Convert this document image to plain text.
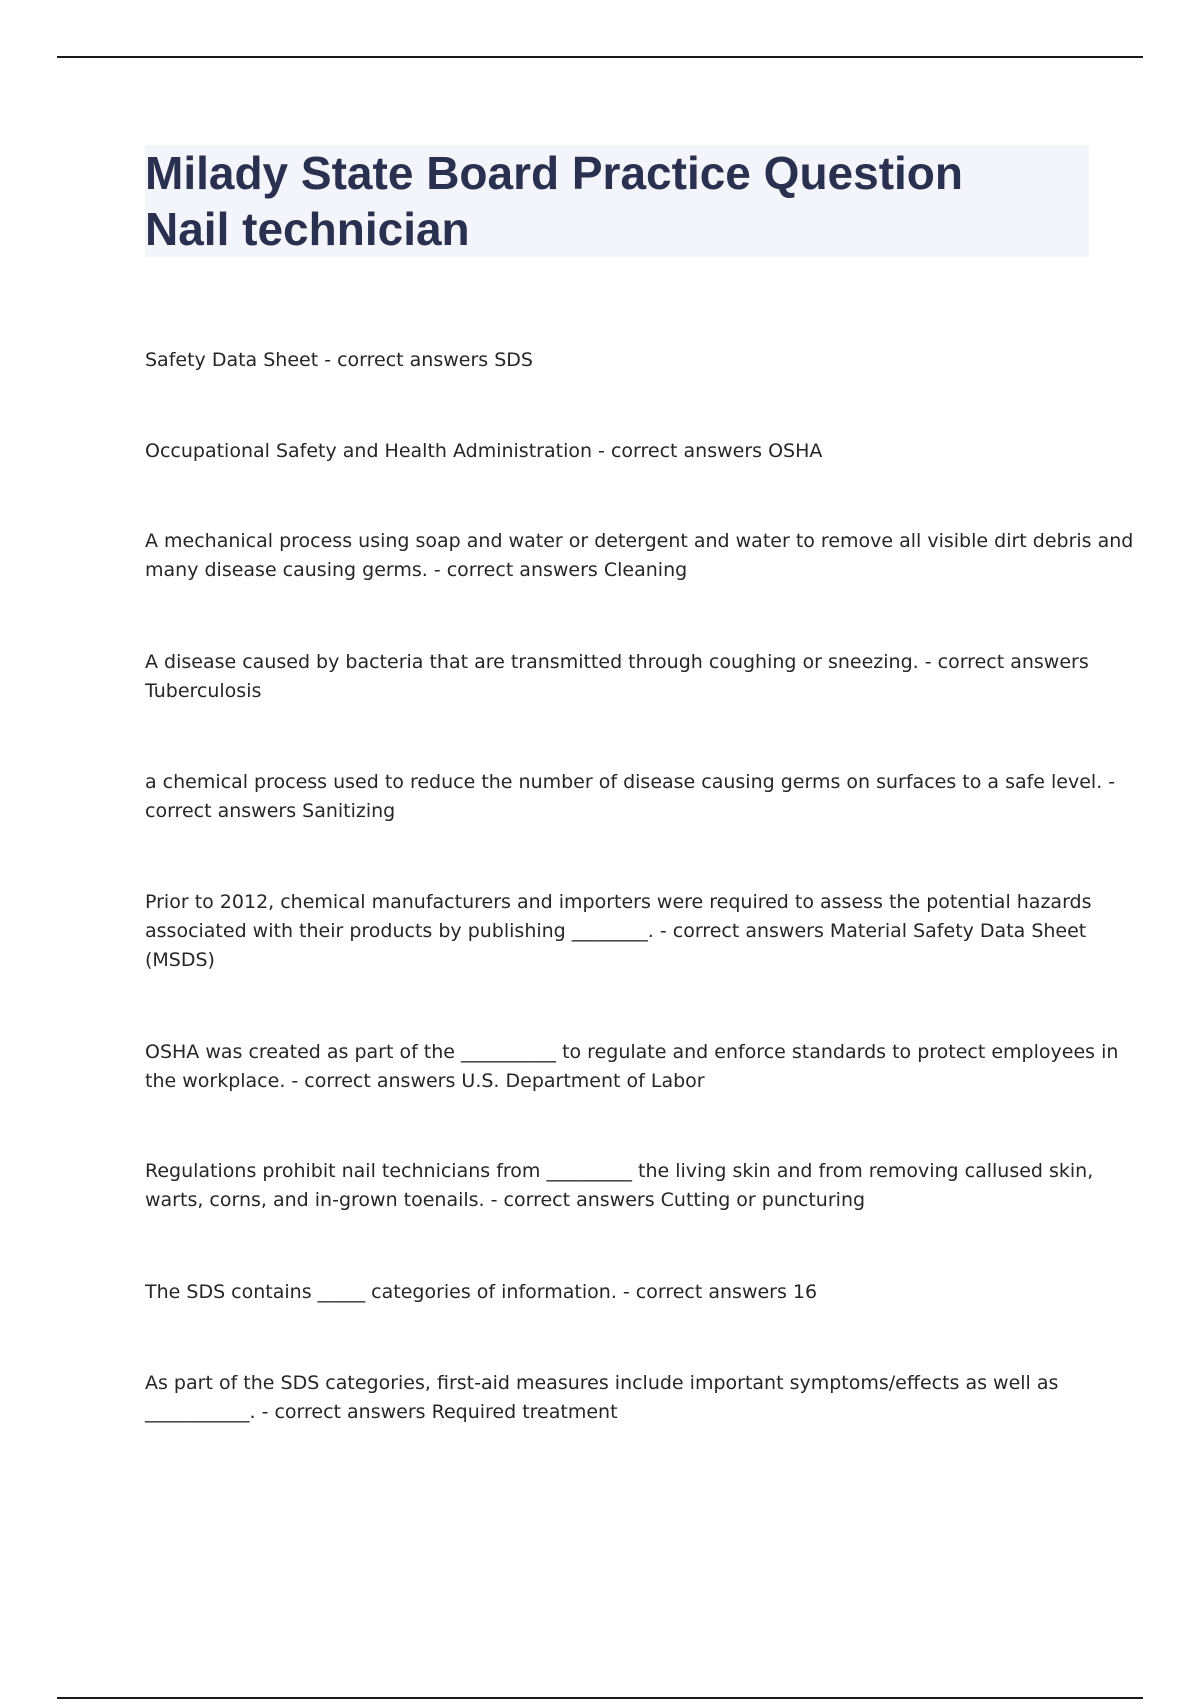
Milady State Board Practice Question
Nail technician
Safety Data Sheet - correct answers SDS
Occupational Safety and Health Administration - correct answers OSHA
A mechanical process using soap and water or detergent and water to remove all visible dirt debris and
many disease causing germs. - correct answers Cleaning
A disease caused by bacteria that are transmitted through coughing or sneezing. - correct answers
Tuberculosis
a chemical process used to reduce the number of disease causing germs on surfaces to a safe level. -
correct answers Sanitizing
Prior to 2012, chemical manufacturers and importers were required to assess the potential hazards
associated with their products by publishing ________. - correct answers Material Safety Data Sheet
(MSDS)
OSHA was created as part of the __________ to regulate and enforce standards to protect employees in
the workplace. - correct answers U.S. Department of Labor
Regulations prohibit nail technicians from _________ the living skin and from removing callused skin,
warts, corns, and in-grown toenails. - correct answers Cutting or puncturing
The SDS contains _____ categories of information. - correct answers 16
As part of the SDS categories, first-aid measures include important symptoms/effects as well as
___________. - correct answers Required treatment
